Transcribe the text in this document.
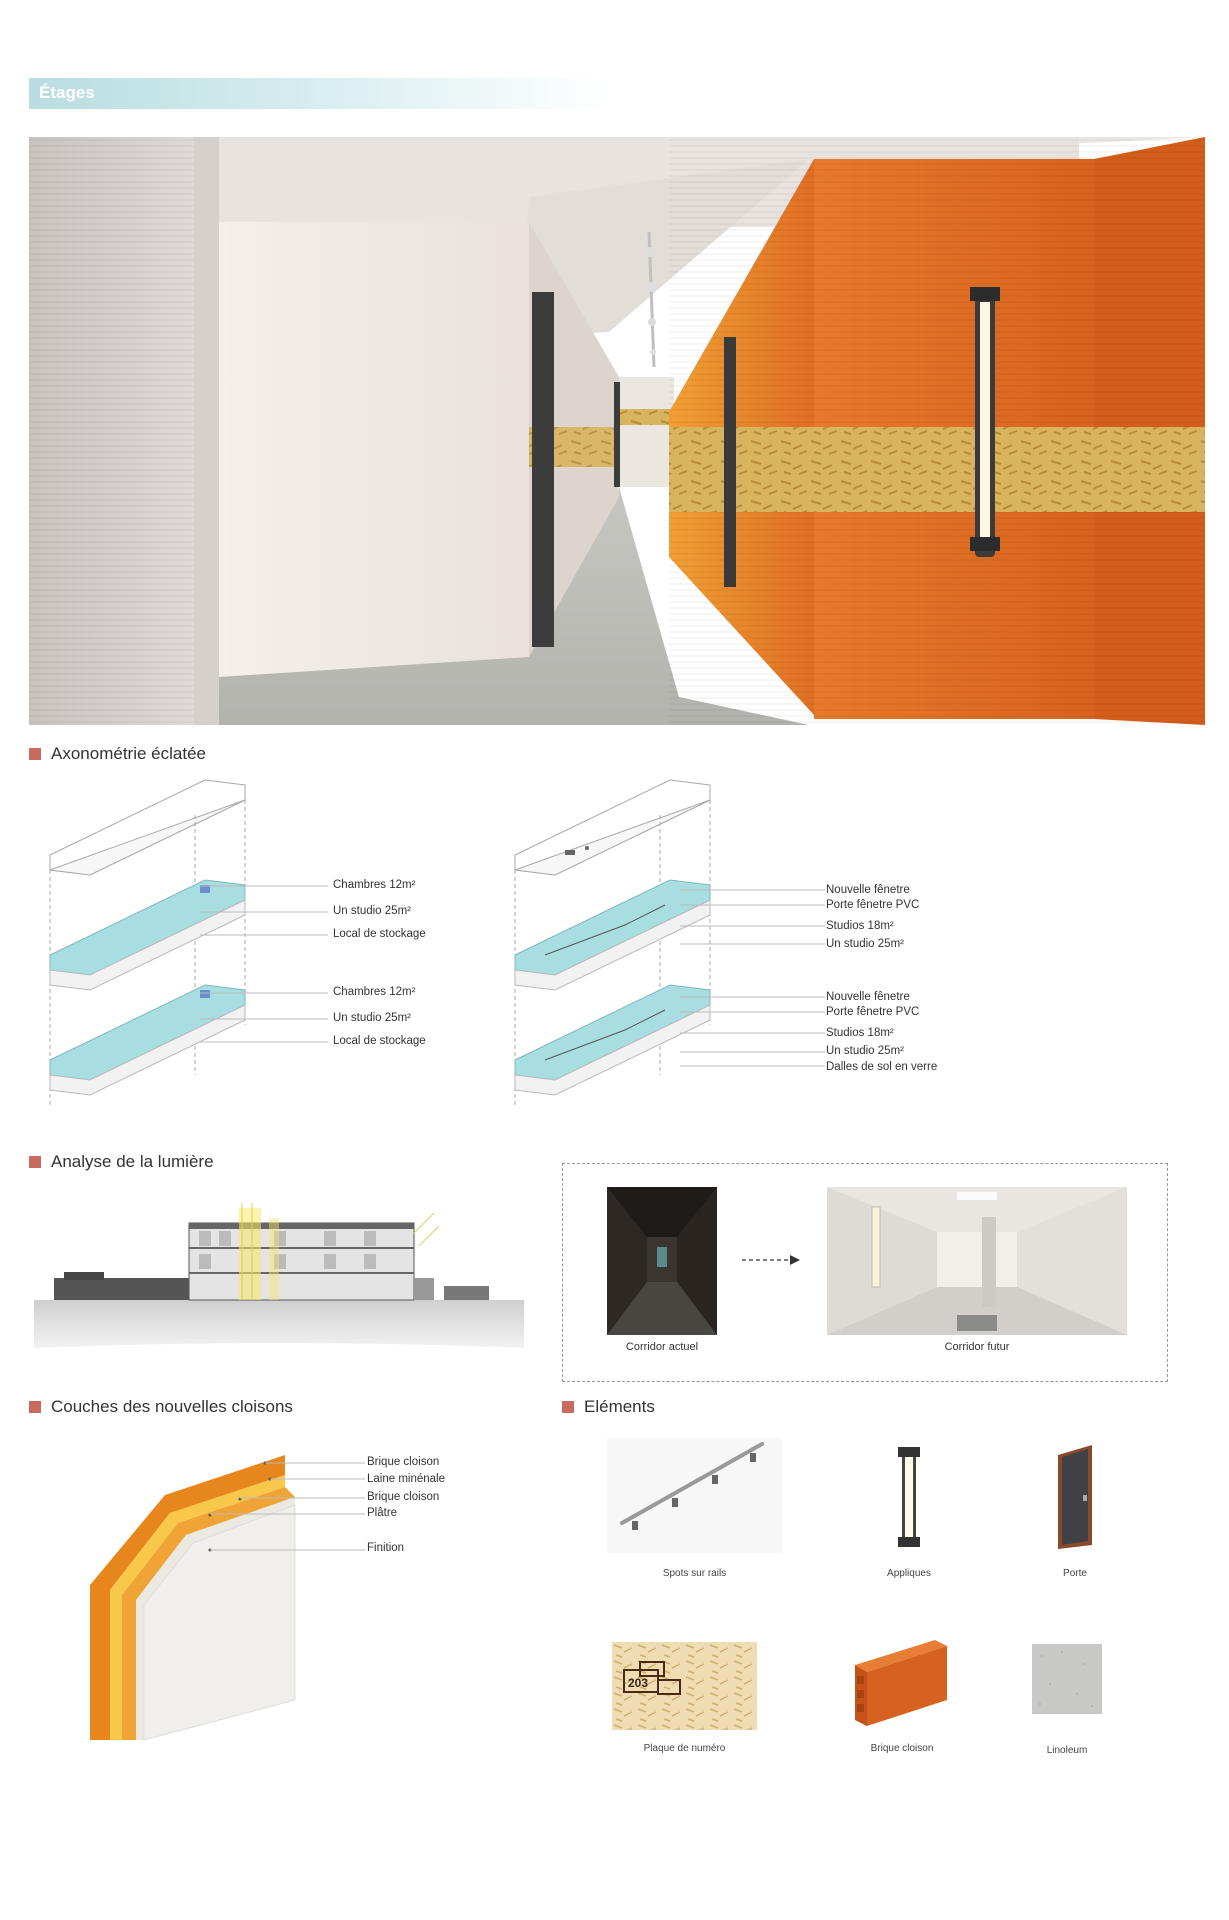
Étages
Axonométrie éclatée
Chambres 12m²
Un studio 25m²
Local de stockage
Chambres 12m²
Un studio 25m²
Local de stockage
Nouvelle fênetre
Porte fênetre PVC
Studios 18m²
Un studio 25m²
Nouvelle fênetre
Porte fênetre PVC
Studios 18m²
Un studio 25m²
Dalles de sol en verre
Analyse de la lumière
Corridor actuel	Corridor futur
Couches des nouvelles cloisons
Brique cloison
Laine minénale
Brique cloison
Plâtre
Finition
Eléments
Spots sur rails	Appliques	Porte
203
Plaque de numéro	Brique cloison	Linoleum
